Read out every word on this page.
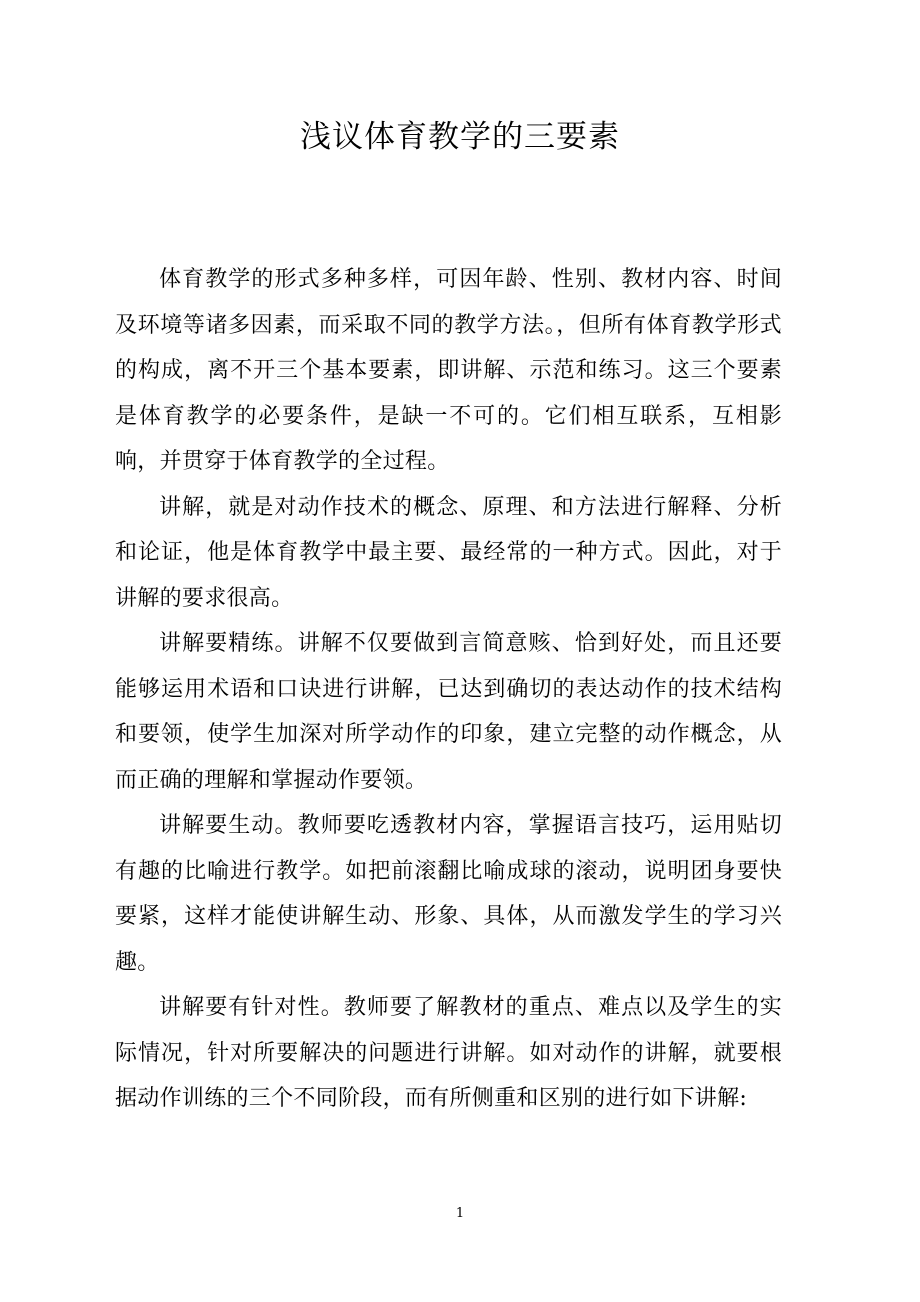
浅议体育教学的三要素

体育教学的形式多种多样，可因年龄、性别、教材内容、时间及环境等诸多因素，而采取不同的教学方法。，但所有体育教学形式的构成，离不开三个基本要素，即讲解、示范和练习。这三个要素是体育教学的必要条件，是缺一不可的。它们相互联系，互相影响，并贯穿于体育教学的全过程。

讲解，就是对动作技术的概念、原理、和方法进行解释、分析和论证，他是体育教学中最主要、最经常的一种方式。因此，对于讲解的要求很高。

讲解要精练。讲解不仅要做到言简意赅、恰到好处，而且还要能够运用术语和口诀进行讲解，已达到确切的表达动作的技术结构和要领，使学生加深对所学动作的印象，建立完整的动作概念，从而正确的理解和掌握动作要领。

讲解要生动。教师要吃透教材内容，掌握语言技巧，运用贴切有趣的比喻进行教学。如把前滚翻比喻成球的滚动，说明团身要快要紧，这样才能使讲解生动、形象、具体，从而激发学生的学习兴趣。

讲解要有针对性。教师要了解教材的重点、难点以及学生的实际情况，针对所要解决的问题进行讲解。如对动作的讲解，就要根据动作训练的三个不同阶段，而有所侧重和区别的进行如下讲解:

1
